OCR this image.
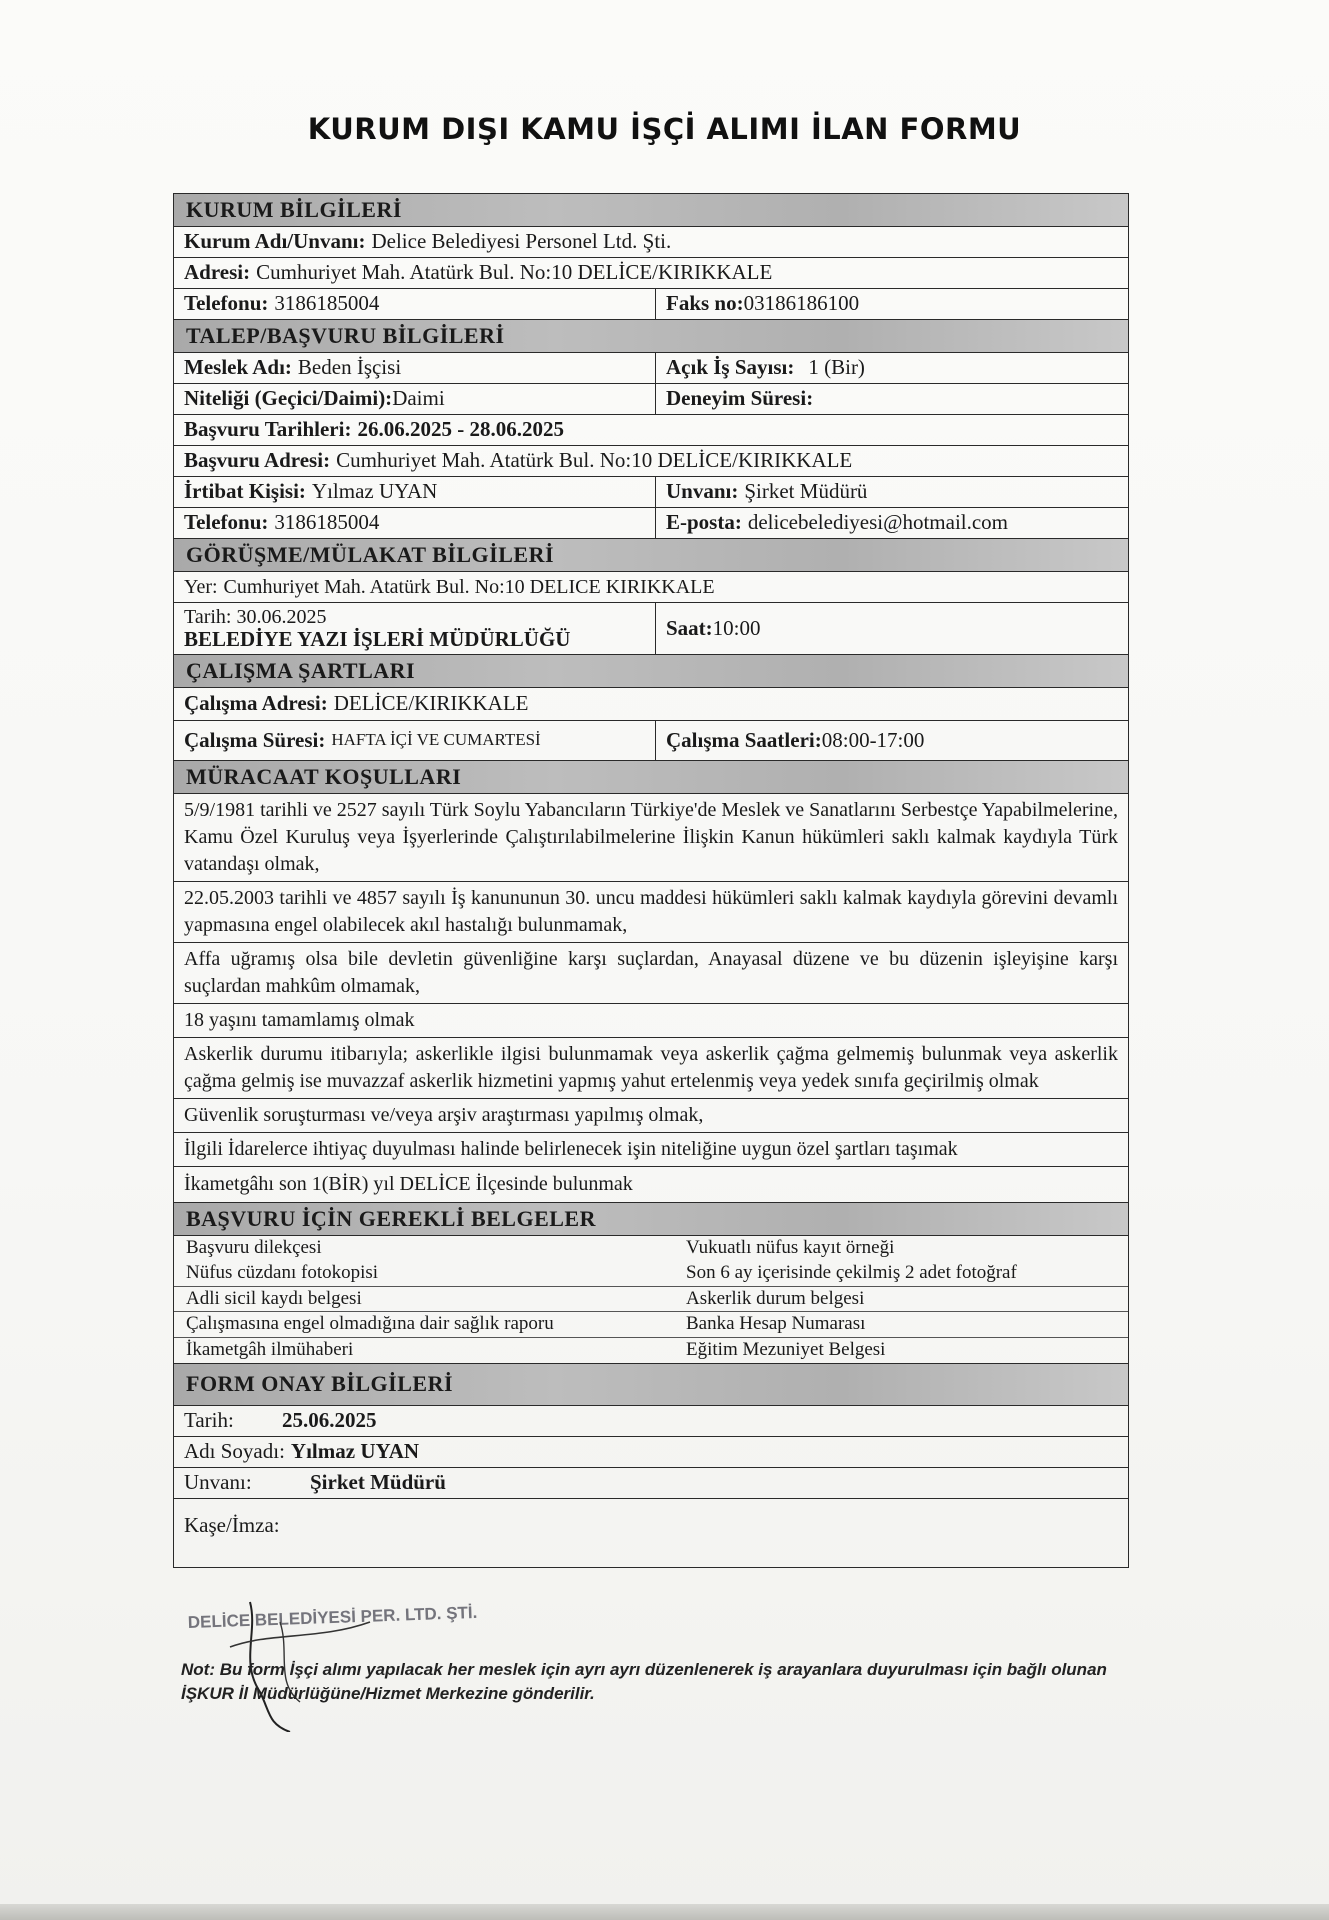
KURUM DIŞI KAMU İŞÇİ ALIMI İLAN FORMU
KURUM BİLGİLERİ
Kurum Adı/Unvanı: Delice Belediyesi Personel Ltd. Şti.
Adresi: Cumhuriyet Mah. Atatürk Bul. No:10 DELİCE/KIRIKKALE
Telefonu: 3186185004	Faks no: 03186186100
TALEP/BAŞVURU BİLGİLERİ
Meslek Adı: Beden İşçisi	Açık İş Sayısı: 1 (Bir)
Niteliği (Geçici/Daimi): Daimi	Deneyim Süresi:
Başvuru Tarihleri: 26.06.2025 - 28.06.2025
Başvuru Adresi: Cumhuriyet Mah. Atatürk Bul. No:10 DELİCE/KIRIKKALE
İrtibat Kişisi: Yılmaz UYAN	Unvanı: Şirket Müdürü
Telefonu: 3186185004	E-posta: delicebelediyesi@hotmail.com
GÖRÜŞME/MÜLAKAT BİLGİLERİ
Yer: Cumhuriyet Mah. Atatürk Bul. No:10 DELICE KIRIKKALE
Tarih: 30.06.2025
BELEDİYE YAZI İŞLERİ MÜDÜRLÜĞÜ	Saat: 10:00
ÇALIŞMA ŞARTLARI
Çalışma Adresi: DELİCE/KIRIKKALE
Çalışma Süresi: HAFTA İÇİ VE CUMARTESİ	Çalışma Saatleri: 08:00-17:00
MÜRACAAT KOŞULLARI
5/9/1981 tarihli ve 2527 sayılı Türk Soylu Yabancıların Türkiye'de Meslek ve Sanatlarını Serbestçe Yapabilmelerine, Kamu Özel Kuruluş veya İşyerlerinde Çalıştırılabilmelerine İlişkin Kanun hükümleri saklı kalmak kaydıyla Türk vatandaşı olmak,
22.05.2003 tarihli ve 4857 sayılı İş kanununun 30. uncu maddesi hükümleri saklı kalmak kaydıyla görevini devamlı yapmasına engel olabilecek akıl hastalığı bulunmamak,
Affa uğramış olsa bile devletin güvenliğine karşı suçlardan, Anayasal düzene ve bu düzenin işleyişine karşı suçlardan mahkûm olmamak,
18 yaşını tamamlamış olmak
Askerlik durumu itibarıyla; askerlikle ilgisi bulunmamak veya askerlik çağma gelmemiş bulunmak veya askerlik çağma gelmiş ise muvazzaf askerlik hizmetini yapmış yahut ertelenmiş veya yedek sınıfa geçirilmiş olmak
Güvenlik soruşturması ve/veya arşiv araştırması yapılmış olmak,
İlgili İdarelerce ihtiyaç duyulması halinde belirlenecek işin niteliğine uygun özel şartları taşımak
İkametgâhı son 1(BİR) yıl DELİCE İlçesinde bulunmak
BAŞVURU İÇİN GEREKLİ BELGELER
Başvuru dilekçesi	Vukuatlı nüfus kayıt örneği
Nüfus cüzdanı fotokopisi	Son 6 ay içerisinde çekilmiş 2 adet fotoğraf
Adli sicil kaydı belgesi	Askerlik durum belgesi
Çalışmasına engel olmadığına dair sağlık raporu	Banka Hesap Numarası
İkametgâh ilmühaberi	Eğitim Mezuniyet Belgesi
FORM ONAY BİLGİLERİ
Tarih:	25.06.2025
Adı Soyadı: Yılmaz UYAN
Unvanı:	Şirket Müdürü
Kaşe/İmza:
DELİCE BELEDİYESİ PER. LTD. ŞTİ.
Not: Bu form İşçi alımı yapılacak her meslek için ayrı ayrı düzenlenerek iş arayanlara duyurulması için bağlı olunan İŞKUR İl Müdürlüğüne/Hizmet Merkezine gönderilir.
